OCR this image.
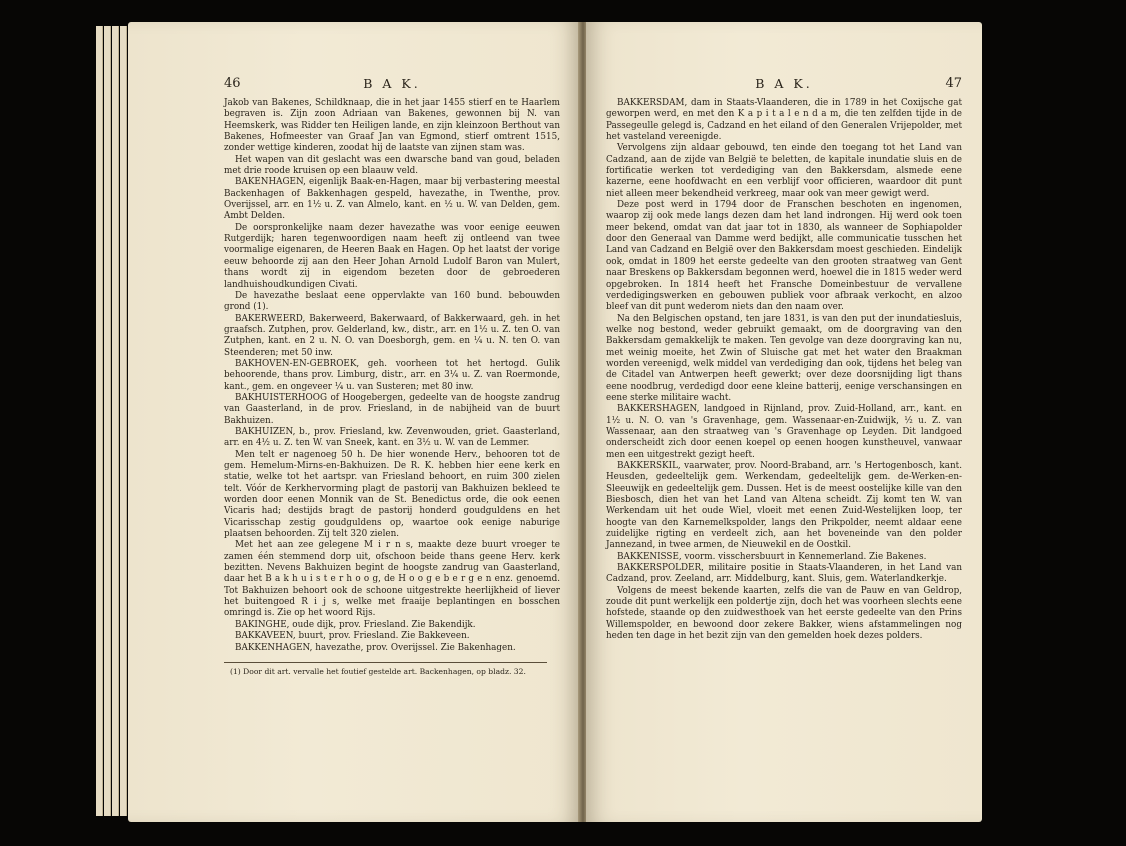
46	B A K.

Jakob van Bakenes, Schildknaap, die in het jaar 1455 stierf en te Haarlem begraven is. Zijn zoon Adriaan van Bakenes, gewonnen bij N. van Heemskerk, was Ridder ten Heiligen lande, en zijn kleinzoon Berthout van Bakenes, Hofmeester van Graaf Jan van Egmond, stierf omtrent 1515, zonder wettige kinderen, zoodat hij de laatste van zijnen stam was.

Het wapen van dit geslacht was een dwarsche band van goud, beladen met drie roode kruisen op een blaauw veld.

BAKENHAGEN, eigenlijk Baak-en-Hagen, maar bij verbastering meestal Backenhagen of Bakkenhagen gespeld, havezathe, in Twenthe, prov. Overijssel, arr. en 1½ u. Z. van Almelo, kant. en ½ u. W. van Delden, gem. Ambt Delden.

De oorspronkelijke naam dezer havezathe was voor eenige eeuwen Rutgerdijk; haren tegenwoordigen naam heeft zij ontleend van twee voormalige eigenaren, de Heeren Baak en Hagen. Op het laatst der vorige eeuw behoorde zij aan den Heer Johan Arnold Ludolf Baron van Mulert, thans wordt zij in eigendom bezeten door de gebroederen landhuishoudkundigen Civati.

De havezathe beslaat eene oppervlakte van 160 bund. bebouwden grond (1).

BAKERWEERD, Bakerweerd, Bakerwaard, of Bakkerwaard, geh. in het graafsch. Zutphen, prov. Gelderland, kw., distr., arr. en 1½ u. Z. ten O. van Zutphen, kant. en 2 u. N. O. van Doesborgh, gem. en ¼ u. N. ten O. van Steenderen; met 50 inw.

BAKHOVEN-EN-GEBROEK, geh. voorheen tot het hertogd. Gulik behoorende, thans prov. Limburg, distr., arr. en 3¼ u. Z. van Roermonde, kant., gem. en ongeveer ¼ u. van Susteren; met 80 inw.

BAKHUISTERHOOG of Hoogebergen, gedeelte van de hoogste zandrug van Gaasterland, in de prov. Friesland, in de nabijheid van de buurt Bakhuizen.

BAKHUIZEN, b., prov. Friesland, kw. Zevenwouden, griet. Gaasterland, arr. en 4½ u. Z. ten W. van Sneek, kant. en 3½ u. W. van de Lemmer.

Men telt er nagenoeg 50 h. De hier wonende Herv., behooren tot de gem. Hemelum-Mirns-en-Bakhuizen. De R. K. hebben hier eene kerk en statie, welke tot het aartspr. van Friesland behoort, en ruim 300 zielen telt. Vóór de Kerkhervorming plagt de pastorij van Bakhuizen bekleed te worden door eenen Monnik van de St. Benedictus orde, die ook eenen Vicaris had; destijds bragt de pastorij honderd goudguldens en het Vicarisschap zestig goudguldens op, waartoe ook eenige naburige plaatsen behoorden. Zij telt 320 zielen.

Met het aan zee gelegene M i r n s, maakte deze buurt vroeger te zamen één stemmend dorp uit, ofschoon beide thans geene Herv. kerk bezitten. Nevens Bakhuizen begint de hoogste zandrug van Gaasterland, daar het B a k h u i s t e r h o o g, de H o o g e b e r g e n enz. genoemd. Tot Bakhuizen behoort ook de schoone uitgestrekte heerlijkheid of liever het buitengoed R i j s, welke met fraaije beplantingen en bosschen omringd is. Zie op het woord Rijs.

BAKINGHE, oude dijk, prov. Friesland. Zie Bakendijk.

BAKKAVEEN, buurt, prov. Friesland. Zie Bakkeveen.

BAKKENHAGEN, havezathe, prov. Overijssel. Zie Bakenhagen.

(1) Door dit art. vervalle het foutief gestelde art. Backenhagen, op bladz. 32.
B A K.	47

BAKKERSDAM, dam in Staats-Vlaanderen, die in 1789 in het Coxijsche gat geworpen werd, en met den K a p i t a l e n d a m, die ten zelfden tijde in de Passegeulle gelegd is, Cadzand en het eiland of den Generalen Vrijepolder, met het vasteland vereenigde.

Vervolgens zijn aldaar gebouwd, ten einde den toegang tot het Land van Cadzand, aan de zijde van België te beletten, de kapitale inundatie sluis en de fortificatie werken tot verdediging van den Bakkersdam, alsmede eene kazerne, eene hoofdwacht en een verblijf voor officieren, waardoor dit punt niet alleen meer bekendheid verkreeg, maar ook van meer gewigt werd.

Deze post werd in 1794 door de Franschen beschoten en ingenomen, waarop zij ook mede langs dezen dam het land indrongen. Hij werd ook toen meer bekend, omdat van dat jaar tot in 1830, als wanneer de Sophiapolder door den Generaal van Damme werd bedijkt, alle communicatie tusschen het Land van Cadzand en België over den Bakkersdam moest geschieden. Eindelijk ook, omdat in 1809 het eerste gedeelte van den grooten straatweg van Gent naar Breskens op Bakkersdam begonnen werd, hoewel die in 1815 weder werd opgebroken. In 1814 heeft het Fransche Domeinbestuur de vervallene verdedigingswerken en gebouwen publiek voor afbraak verkocht, en alzoo bleef van dit punt wederom niets dan den naam over.

Na den Belgischen opstand, ten jare 1831, is van den put der inundatiesluis, welke nog bestond, weder gebruikt gemaakt, om de doorgraving van den Bakkersdam gemakkelijk te maken. Ten gevolge van deze doorgraving kan nu, met weinig moeite, het Zwin of Sluische gat met het water den Braakman worden vereenigd, welk middel van verdediging dan ook, tijdens het beleg van de Citadel van Antwerpen heeft gewerkt; over deze doorsnijding ligt thans eene noodbrug, verdedigd door eene kleine batterij, eenige verschansingen en eene sterke militaire wacht.

BAKKERSHAGEN, landgoed in Rijnland, prov. Zuid-Holland, arr., kant. en 1½ u. N. O. van 's Gravenhage, gem. Wassenaar-en-Zuidwijk, ½ u. Z. van Wassenaar, aan den straatweg van 's Gravenhage op Leyden. Dit landgoed onderscheidt zich door eenen koepel op eenen hoogen kunstheuvel, vanwaar men een uitgestrekt gezigt heeft.

BAKKERSKIL, vaarwater, prov. Noord-Braband, arr. 's Hertogenbosch, kant. Heusden, gedeeltelijk gem. Werkendam, gedeeltelijk gem. de-Werken-en-Sleeuwijk en gedeeltelijk gem. Dussen. Het is de meest oostelijke kille van den Biesbosch, dien het van het Land van Altena scheidt. Zij komt ten W. van Werkendam uit het oude Wiel, vloeit met eenen Zuid-Westelijken loop, ter hoogte van den Karnemelkspolder, langs den Prikpolder, neemt aldaar eene zuidelijke rigting en verdeelt zich, aan het boveneinde van den polder Jannezand, in twee armen, de Nieuwekil en de Oostkil.

BAKKENISSE, voorm. visschersbuurt in Kennemerland. Zie Bakenes.

BAKKERSPOLDER, militaire positie in Staats-Vlaanderen, in het Land van Cadzand, prov. Zeeland, arr. Middelburg, kant. Sluis, gem. Waterlandkerkje.

Volgens de meest bekende kaarten, zelfs die van de Pauw en van Geldrop, zoude dit punt werkelijk een poldertje zijn, doch het was voorheen slechts eene hofstede, staande op den zuidwesthoek van het eerste gedeelte van den Prins Willemspolder, en bewoond door zekere Bakker, wiens afstammelingen nog heden ten dage in het bezit zijn van den gemelden hoek dezes polders.
